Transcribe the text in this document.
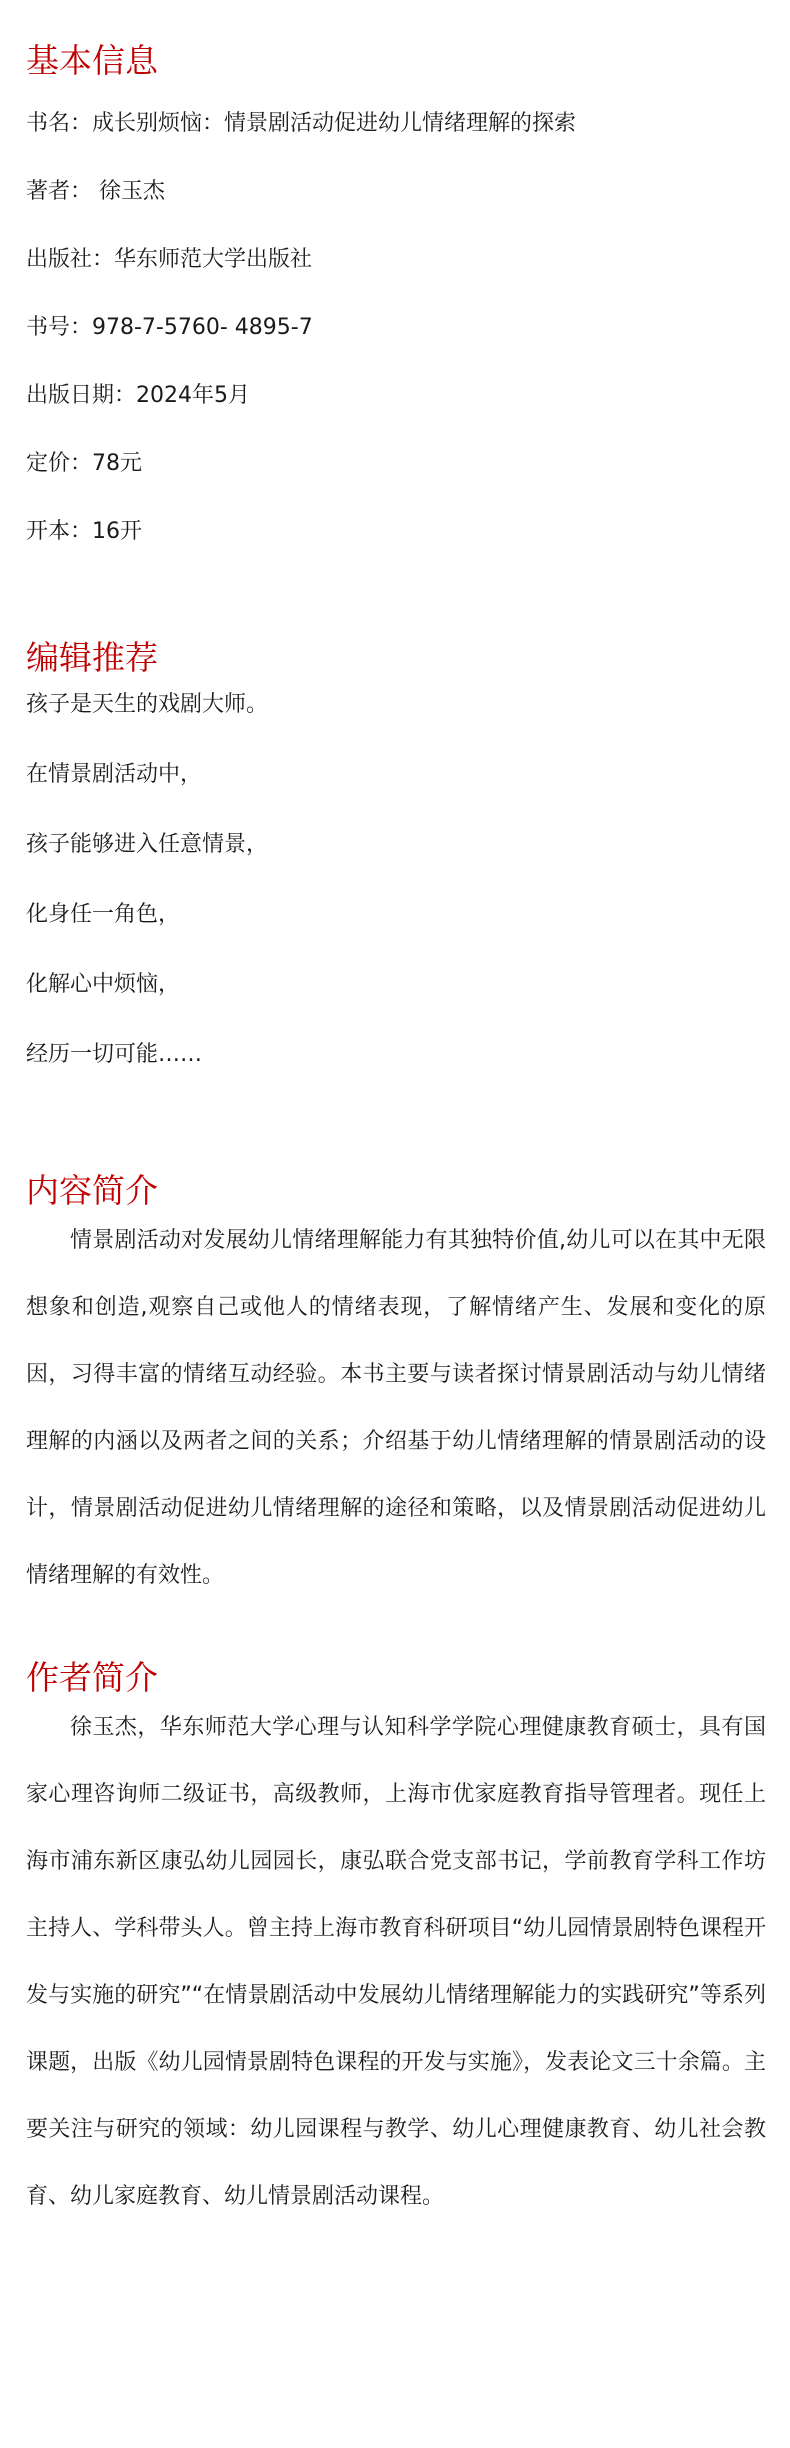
基本信息
书名：成长别烦恼：情景剧活动促进幼儿情绪理解的探索
著者： 徐玉杰
出版社：华东师范大学出版社
书号：978-7-5760- 4895-7
出版日期：2024年5月
定价：78元
开本：16开
编辑推荐
孩子是天生的戏剧大师。
在情景剧活动中，
孩子能够进入任意情景，
化身任一角色，
化解心中烦恼，
经历一切可能……
内容简介

情景剧活动对发展幼儿情绪理解能力有其独特价值,幼儿可以在其中无限想象和创造,观察自己或他人的情绪表现，了解情绪产生、发展和变化的原因，习得丰富的情绪互动经验。本书主要与读者探讨情景剧活动与幼儿情绪理解的内涵以及两者之间的关系；介绍基于幼儿情绪理解的情景剧活动的设计，情景剧活动促进幼儿情绪理解的途径和策略，以及情景剧活动促进幼儿情绪理解的有效性。

作者简介

徐玉杰，华东师范大学心理与认知科学学院心理健康教育硕士，具有国家心理咨询师二级证书，高级教师，上海市优家庭教育指导管理者。现任上海市浦东新区康弘幼儿园园长，康弘联合党支部书记，学前教育学科工作坊主持人、学科带头人。曾主持上海市教育科研项目“幼儿园情景剧特色课程开发与实施的研究”“在情景剧活动中发展幼儿情绪理解能力的实践研究”等系列课题，出版《幼儿园情景剧特色课程的开发与实施》，发表论文三十余篇。主要关注与研究的领域：幼儿园课程与教学、幼儿心理健康教育、幼儿社会教育、幼儿家庭教育、幼儿情景剧活动课程。
